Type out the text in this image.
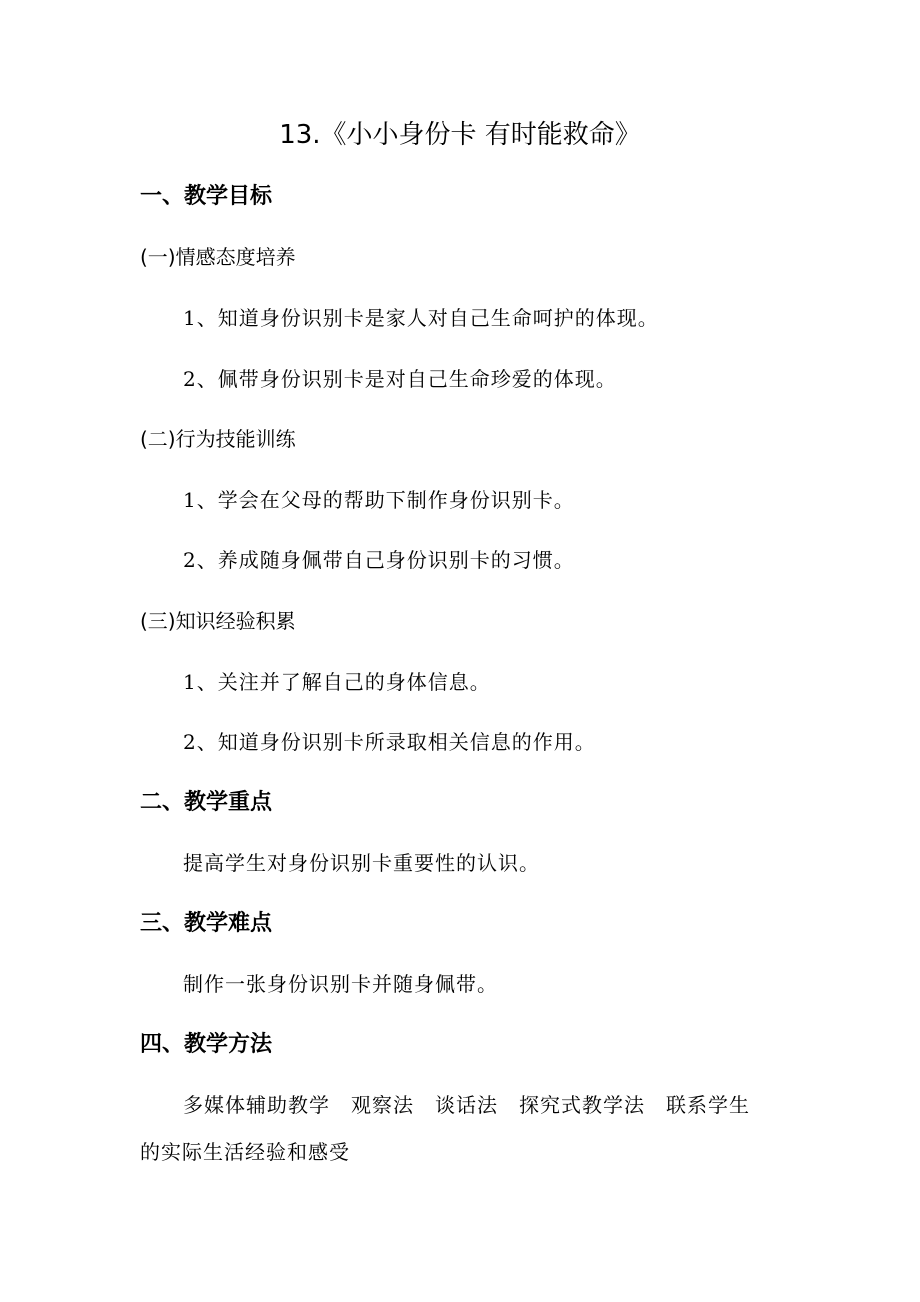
13.《小小身份卡 有时能救命》
一、教学目标
(一)情感态度培养
1、知道身份识别卡是家人对自己生命呵护的体现。
2、佩带身份识别卡是对自己生命珍爱的体现。
(二)行为技能训练
1、学会在父母的帮助下制作身份识别卡。
2、养成随身佩带自己身份识别卡的习惯。
(三)知识经验积累
1、关注并了解自己的身体信息。
2、知道身份识别卡所录取相关信息的作用。
二、教学重点
提高学生对身份识别卡重要性的认识。
三、教学难点
制作一张身份识别卡并随身佩带。
四、教学方法
多媒体辅助教学　观察法　谈话法　探究式教学法　联系学生
的实际生活经验和感受
